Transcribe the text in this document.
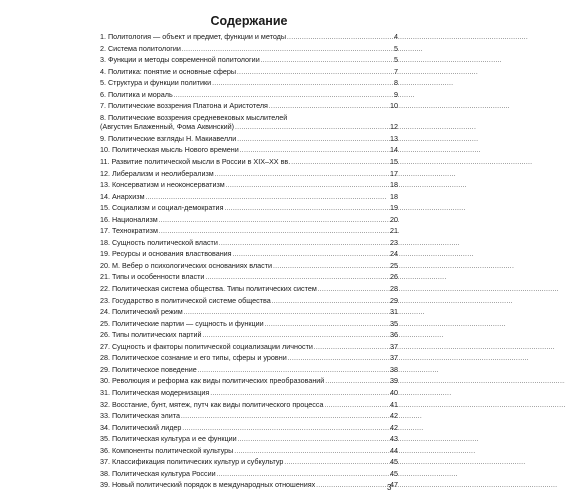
Содержание
1. Политология — объект и предмет, функции и методы . . .	4
2. Система политологии . . .	5
3. Функции и методы современной политологии . . .	5
4. Политика: понятие и основные сферы . . .	7
5. Структура и функции политики . . .	8
6. Политика и мораль . . .	9
7. Политические воззрения Платона и Аристотеля . . .	10
8. Политические воззрения средневековых мыслителей
(Августин Блаженный, Фома Аквинский) . . .	12
9. Политические взгляды Н. Макиавелли . . .	13
10. Политическая мысль Нового времени . . .	14
11. Развитие политической мысли в России в XIX–XX вв. . . .	15
12. Либерализм и неолиберализм . . .	17
13. Консерватизм и неоконсерватизм . . .	18
14. Анархизм . . .	18
15. Социализм и социал-демократия . . .	19
16. Национализм . . .	20
17. Технократизм . . .	21
18. Сущность политической власти . . .	23
19. Ресурсы и основания властвования . . .	24
20. М. Вебер о психологических основаниях власти . . .	25
21. Типы и особенности власти . . .	26
22. Политическая система общества. Типы политических систем . . .	28
23. Государство в политической системе общества . . .	29
24. Политический режим . . .	31
25. Политические партии — сущность и функции . . .	35
26. Типы политических партий . . .	36
27. Сущность и факторы политической социализации личности . . .	37
28. Политическое сознание и его типы, сферы и уровни . . .	37
29. Политическое поведение . . .	38
30. Революция и реформа как виды политических преобразований . . .	39
31. Политическая модернизация . . .	40
32. Восстание, бунт, мятеж, путч как виды политического процесса . . .	41
33. Политическая элита . . .	42
34. Политический лидер . . .	42
35. Политическая культура и ее функции . . .	43
36. Компоненты политической культуры . . .	44
37. Классификация политических культур и субкультур . . .	45
38. Политическая культура России . . .	45
39. Новый политический порядок в международных отношениях . . .	47
3
